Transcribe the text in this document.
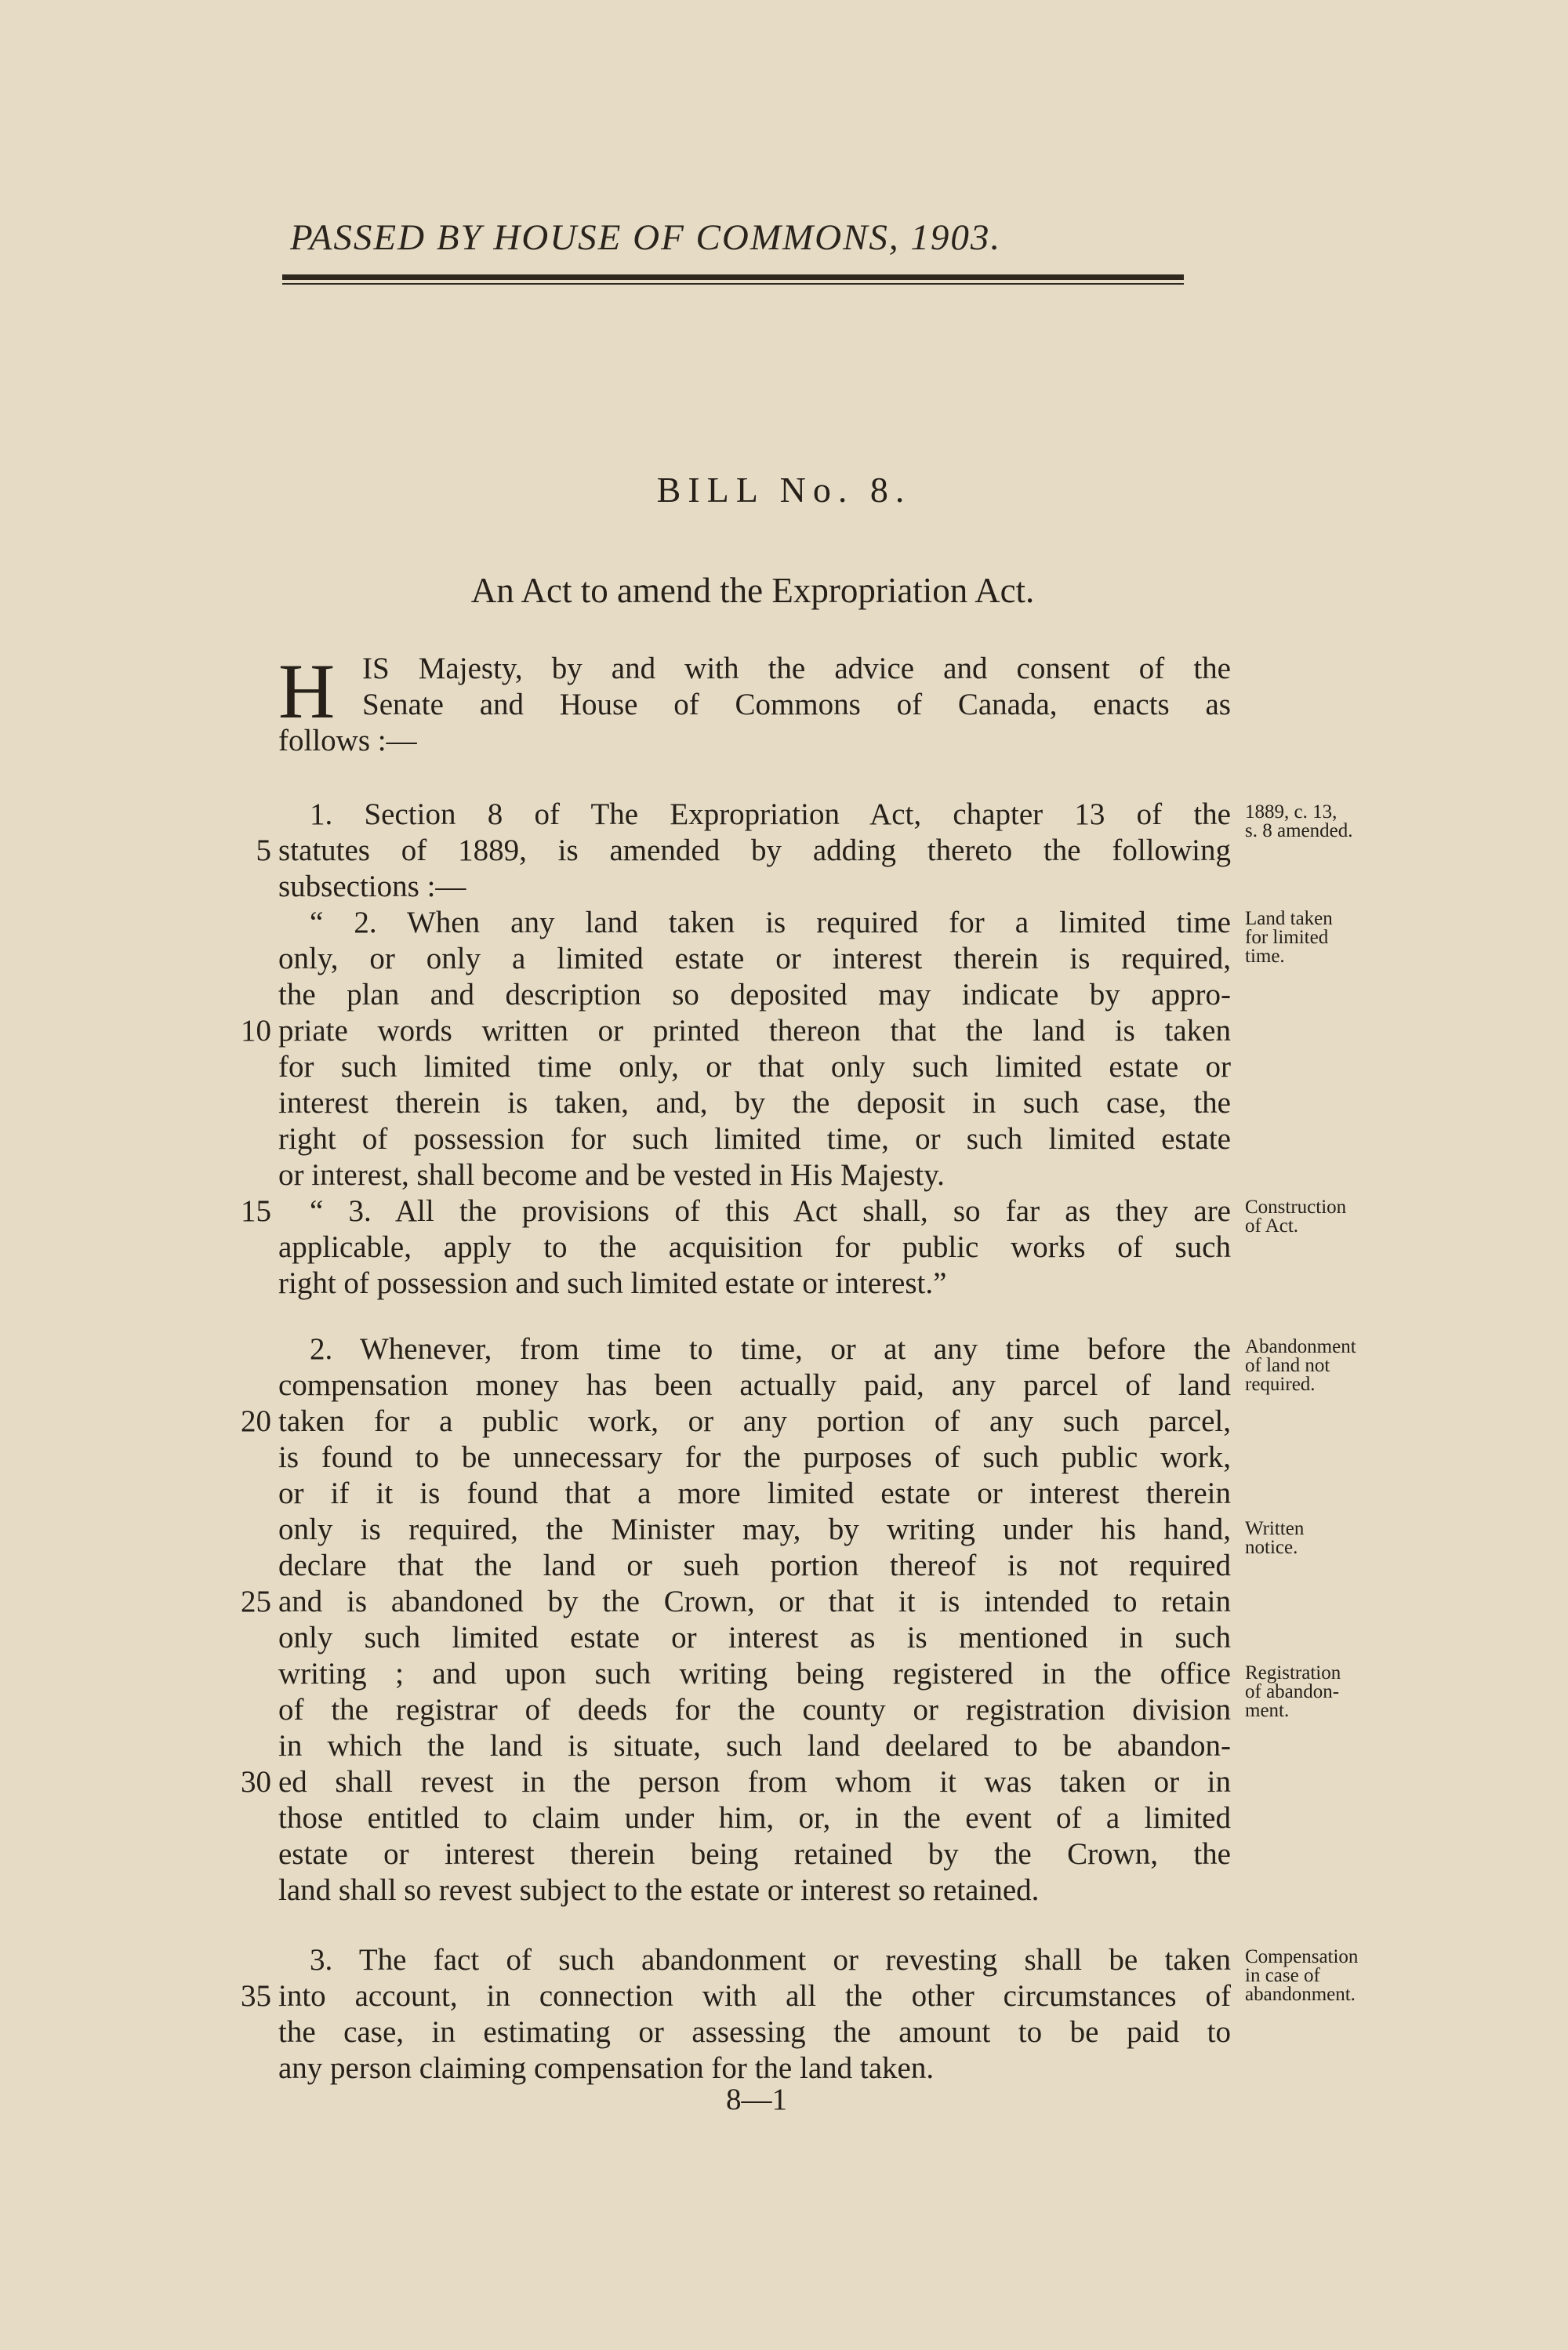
PASSED BY HOUSE OF COMMONS, 1903.
BILL No. 8.
An Act to amend the Expropriation Act.
H IS Majesty, by and with the advice and consent of the
Senate and House of Commons of Canada, enacts as
follows :—
1. Section 8 of The Expropriation Act, chapter 13 of the
statutes of 1889, is amended by adding thereto the following
subsections :—
“ 2. When any land taken is required for a limited time
only, or only a limited estate or interest therein is required,
the plan and description so deposited may indicate by appro-
priate words written or printed thereon that the land is taken
for such limited time only, or that only such limited estate or
interest therein is taken, and, by the deposit in such case, the
right of possession for such limited time, or such limited estate
or interest, shall become and be vested in His Majesty.
“ 3. All the provisions of this Act shall, so far as they are
applicable, apply to the acquisition for public works of such
right of possession and such limited estate or interest.”
2. Whenever, from time to time, or at any time before the
compensation money has been actually paid, any parcel of land
taken for a public work, or any portion of any such parcel,
is found to be unnecessary for the purposes of such public work,
or if it is found that a more limited estate or interest therein
only is required, the Minister may, by writing under his hand,
declare that the land or sueh portion thereof is not required
and is abandoned by the Crown, or that it is intended to retain
only such limited estate or interest as is mentioned in such
writing ; and upon such writing being registered in the office
of the registrar of deeds for the county or registration division
in which the land is situate, such land deelared to be abandon-
ed shall revest in the person from whom it was taken or in
those entitled to claim under him, or, in the event of a limited
estate or interest therein being retained by the Crown, the
land shall so revest subject to the estate or interest so retained.
3. The fact of such abandonment or revesting shall be taken
into account, in connection with all the other circumstances of
the case, in estimating or assessing the amount to be paid to
any person claiming compensation for the land taken.
5
10
15
20
25
30
35
1889, c. 13,
s. 8 amended.
Land taken
for limited
time.
Construction
of Act.
Abandonment
of land not
required.
Written
notice.
Registration
of abandon-
ment.
Compensation
in case of
abandonment.
8—1
